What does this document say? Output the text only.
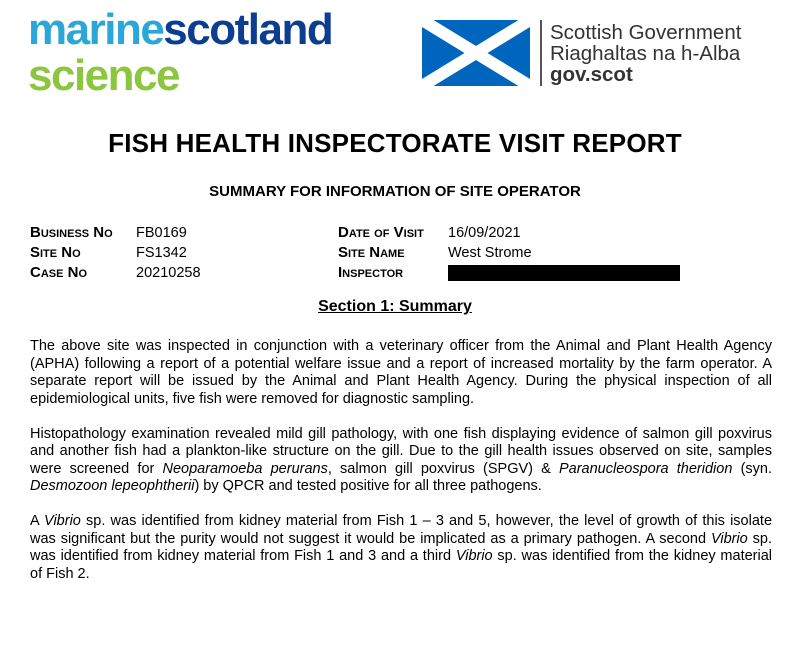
marinescotland
science
Scottish Government
Riaghaltas na h-Alba
gov.scot
FISH HEALTH INSPECTORATE VISIT REPORT
SUMMARY FOR INFORMATION OF SITE OPERATOR
Business No FB0169
Site No	FS1342
Case No	20210258
Date of Visit 16/09/2021
Site Name	West Strome
Inspector
Section 1: Summary

The above site was inspected in conjunction with a veterinary officer from the Animal and Plant Health Agency (APHA) following a report of a potential welfare issue and a report of increased mortality by the farm operator. A separate report will be issued by the Animal and Plant Health Agency. During the physical inspection of all epidemiological units, five fish were removed for diagnostic sampling.

Histopathology examination revealed mild gill pathology, with one fish displaying evidence of salmon gill poxvirus and another fish had a plankton-like structure on the gill. Due to the gill health issues observed on site, samples were screened for Neoparamoeba perurans, salmon gill poxvirus (SPGV) & Paranucleospora theridion (syn. Desmozoon lepeophtherii) by QPCR and tested positive for all three pathogens.

A Vibrio sp. was identified from kidney material from Fish 1 – 3 and 5, however, the level of growth of this isolate was significant but the purity would not suggest it would be implicated as a primary pathogen. A second Vibrio sp. was identified from kidney material from Fish 1 and 3 and a third Vibrio sp. was identified from the kidney material of Fish 2.
